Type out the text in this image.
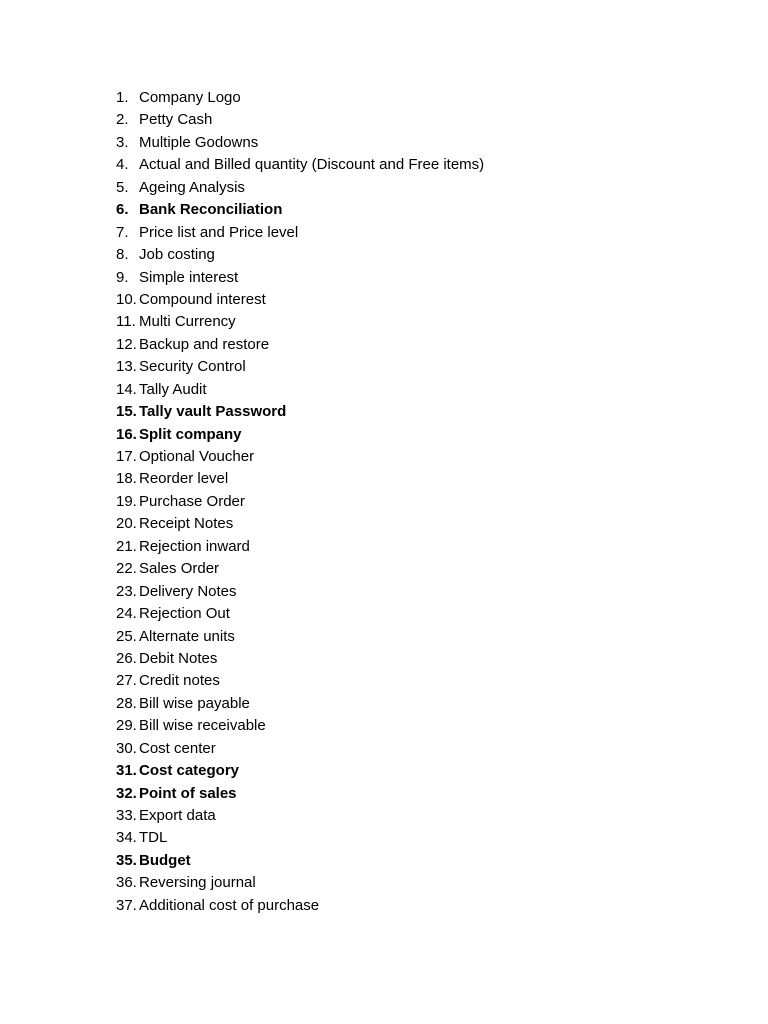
1. Company Logo
2. Petty Cash
3. Multiple Godowns
4. Actual and Billed quantity (Discount and Free items)
5. Ageing Analysis
6. Bank Reconciliation
7. Price list and Price level
8. Job costing
9. Simple interest
10. Compound interest
11. Multi Currency
12. Backup and restore
13. Security Control
14. Tally Audit
15. Tally vault Password
16. Split company
17. Optional Voucher
18. Reorder level
19. Purchase Order
20. Receipt Notes
21. Rejection inward
22. Sales Order
23. Delivery Notes
24. Rejection Out
25. Alternate units
26. Debit Notes
27. Credit notes
28. Bill wise payable
29. Bill wise receivable
30. Cost center
31. Cost category
32. Point of sales
33. Export data
34. TDL
35. Budget
36. Reversing journal
37. Additional cost of purchase
